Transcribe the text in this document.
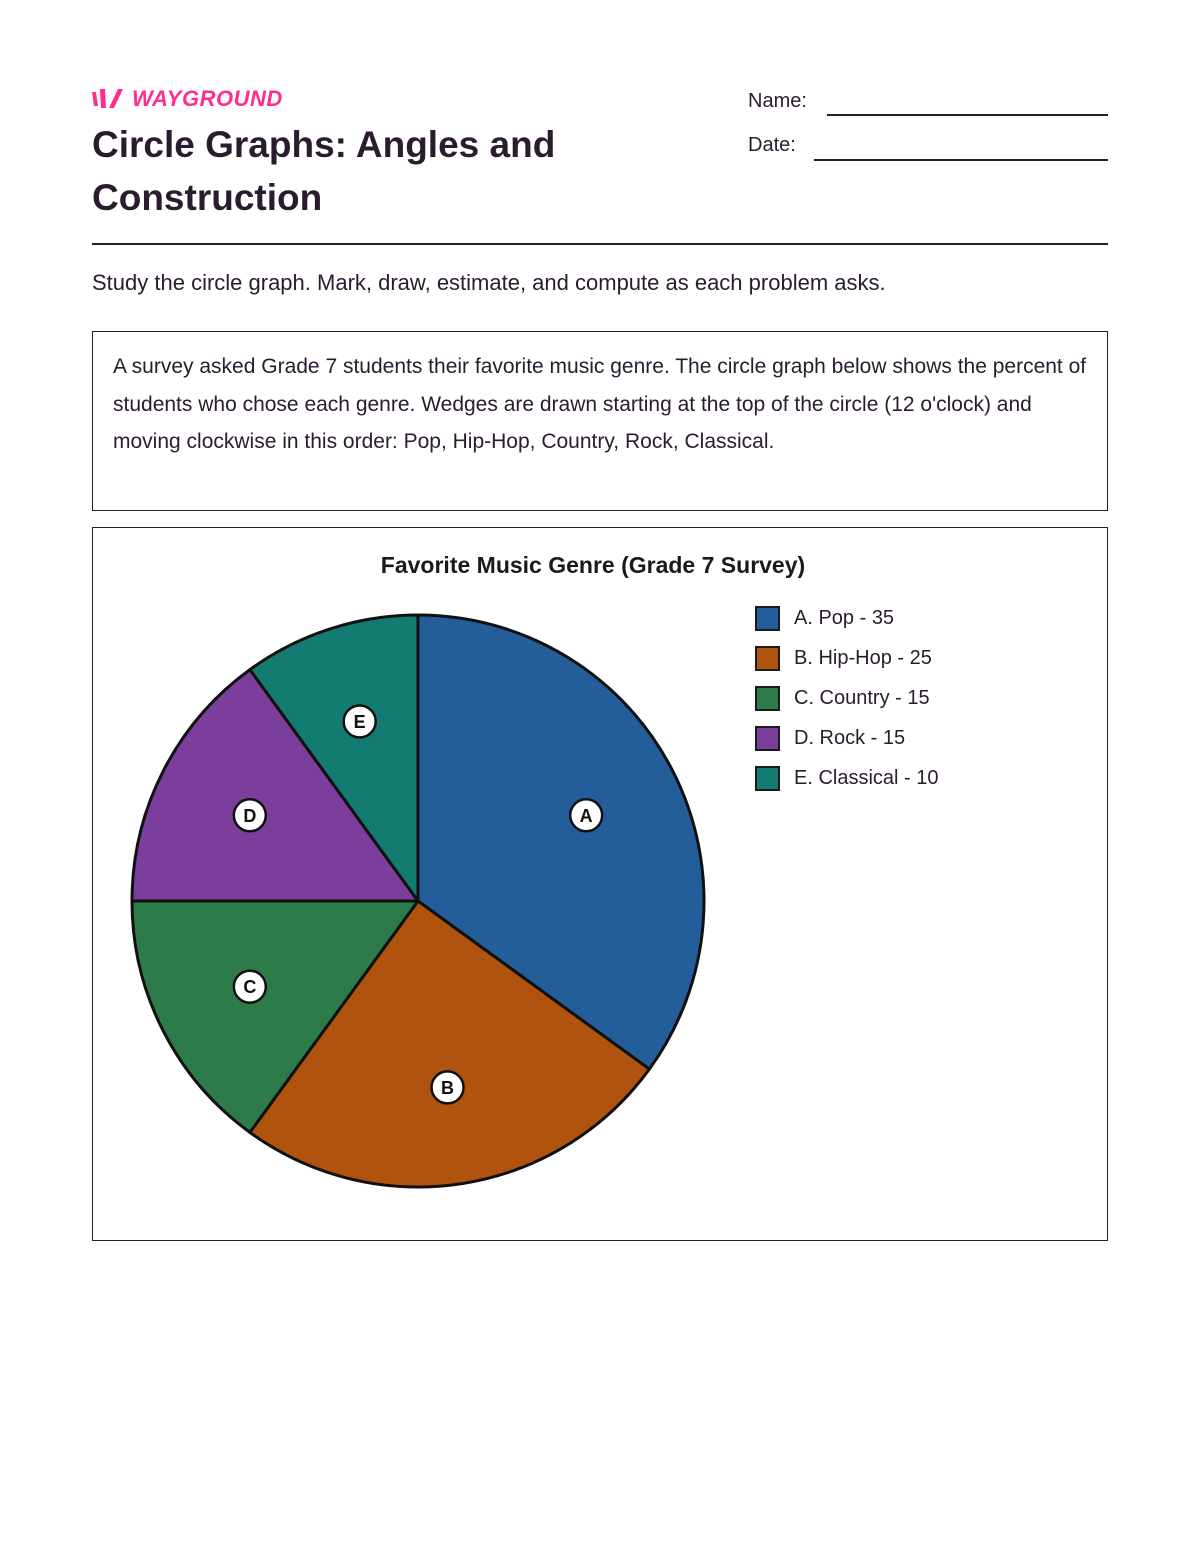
WAYGROUND
Circle Graphs: Angles and Construction
Name:
Date:
Study the circle graph. Mark, draw, estimate, and compute as each problem asks.
A survey asked Grade 7 students their favorite music genre. The circle graph below shows the percent of students who chose each genre. Wedges are drawn starting at the top of the circle (12 o'clock) and moving clockwise in this order: Pop, Hip-Hop, Country, Rock, Classical.
Favorite Music Genre (Grade 7 Survey)
A
B
C
D
E
A. Pop - 35
B. Hip-Hop - 25
C. Country - 15
D. Rock - 15
E. Classical - 10
